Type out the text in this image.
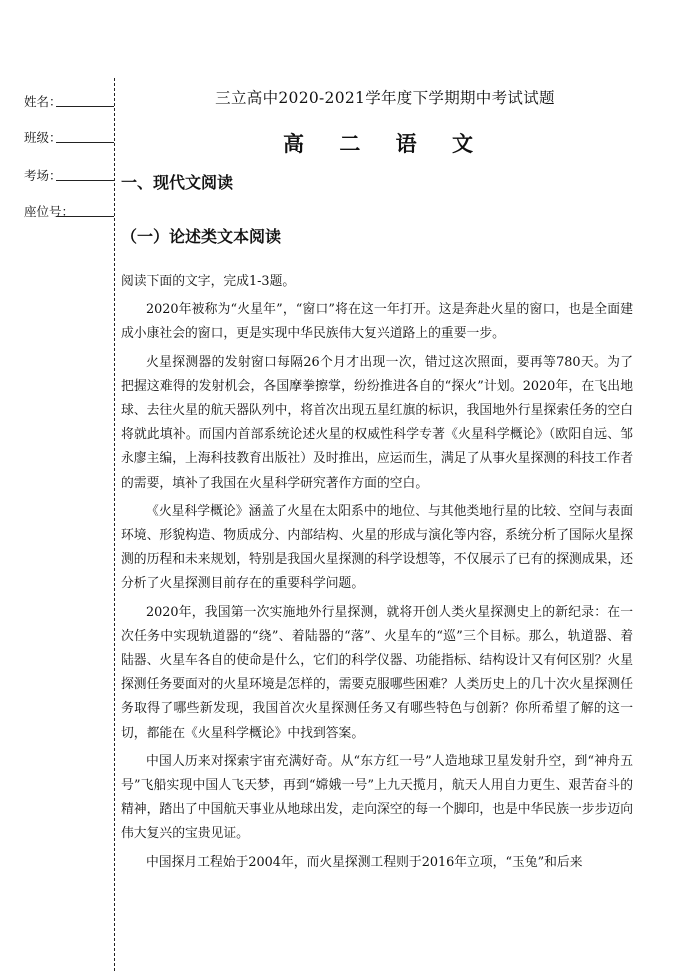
姓名：
班级：
考场：
座位号：
三立高中2020-2021学年度下学期期中考试试题
高 二 语 文
一、现代文阅读
（一）论述类文本阅读

阅读下面的文字，完成1-3题。

2020年被称为“火星年”，“窗口”将在这一年打开。这是奔赴火星的窗口，也是全面建成小康社会的窗口，更是实现中华民族伟大复兴道路上的重要一步。

火星探测器的发射窗口每隔26个月才出现一次，错过这次照面，要再等780天。为了把握这难得的发射机会，各国摩拳擦掌，纷纷推进各自的“探火”计划。2020年，在飞出地球、去往火星的航天器队列中，将首次出现五星红旗的标识，我国地外行星探索任务的空白将就此填补。而国内首部系统论述火星的权威性科学专著《火星科学概论》（欧阳自远、邹永廖主编，上海科技教育出版社）及时推出，应运而生，满足了从事火星探测的科技工作者的需要，填补了我国在火星科学研究著作方面的空白。

《火星科学概论》涵盖了火星在太阳系中的地位、与其他类地行星的比较、空间与表面环境、形貌构造、物质成分、内部结构、火星的形成与演化等内容，系统分析了国际火星探测的历程和未来规划，特别是我国火星探测的科学设想等，不仅展示了已有的探测成果，还分析了火星探测目前存在的重要科学问题。

2020年，我国第一次实施地外行星探测，就将开创人类火星探测史上的新纪录：在一次任务中实现轨道器的“绕”、着陆器的“落”、火星车的“巡”三个目标。那么，轨道器、着陆器、火星车各自的使命是什么，它们的科学仪器、功能指标、结构设计又有何区别？火星探测任务要面对的火星环境是怎样的，需要克服哪些困难？人类历史上的几十次火星探测任务取得了哪些新发现，我国首次火星探测任务又有哪些特色与创新？你所希望了解的这一切，都能在《火星科学概论》中找到答案。

中国人历来对探索宇宙充满好奇。从“东方红一号”人造地球卫星发射升空，到“神舟五号”飞船实现中国人飞天梦，再到“嫦娥一号”上九天揽月，航天人用自力更生、艰苦奋斗的精神，踏出了中国航天事业从地球出发，走向深空的每一个脚印，也是中华民族一步步迈向伟大复兴的宝贵见证。

中国探月工程始于2004年，而火星探测工程则于2016年立项，“玉兔”和后来
